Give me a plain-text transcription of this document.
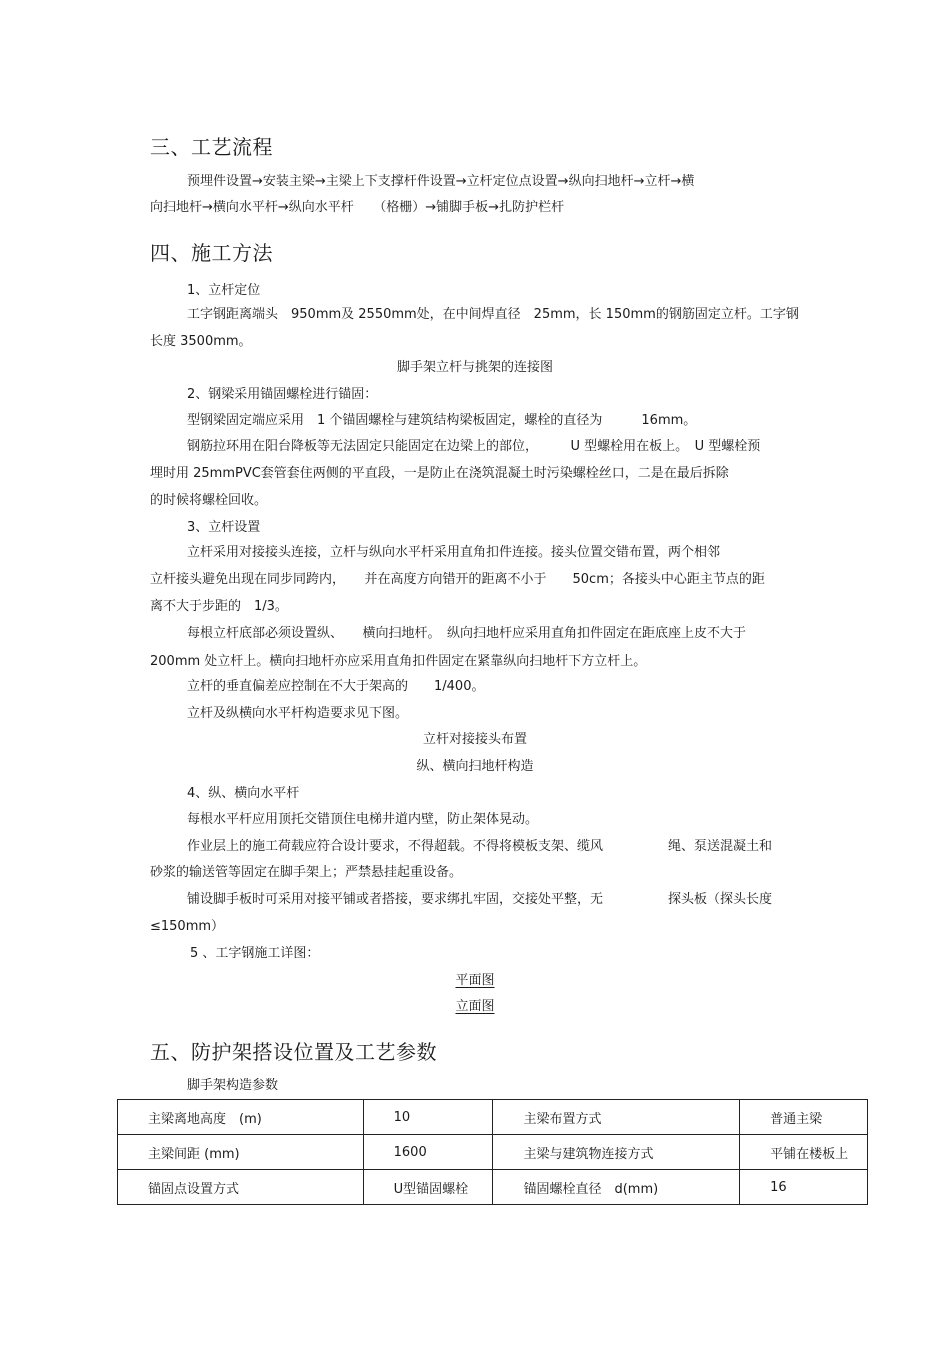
三、工艺流程
预埋件设置→安装主梁→主梁上下支撑杆件设置→立杆定位点设置→纵向扫地杆→立杆→横
向扫地杆→横向水平杆→纵向水平杆　　（格栅）→铺脚手板→扎防护栏杆
四、施工方法
1、立杆定位
工字钢距离端头　950mm及 2550mm处，在中间焊直径　25mm，长 150mm的钢筋固定立杆。工字钢
长度 3500mm。
脚手架立杆与挑架的连接图
2、钢梁采用锚固螺栓进行锚固：
型钢梁固定端应采用　1 个锚固螺栓与建筑结构梁板固定，螺栓的直径为　　　16mm。
钢筋拉环用在阳台降板等无法固定只能固定在边梁上的部位，　　　U 型螺栓用在板上。　U 型螺栓预
埋时用 25mmPVC套管套住两侧的平直段，一是防止在浇筑混凝土时污染螺栓丝口，二是在最后拆除
的时候将螺栓回收。
3、立杆设置
立杆采用对接接头连接，立杆与纵向水平杆采用直角扣件连接。接头位置交错布置，两个相邻
立杆接头避免出现在同步同跨内，　　并在高度方向错开的距离不小于　　50cm；各接头中心距主节点的距
离不大于步距的　1/3。
每根立杆底部必须设置纵、　　横向扫地杆。　纵向扫地杆应采用直角扣件固定在距底座上皮不大于
200mm 处立杆上。横向扫地杆亦应采用直角扣件固定在紧靠纵向扫地杆下方立杆上。
立杆的垂直偏差应控制在不大于架高的　　1/400。
立杆及纵横向水平杆构造要求见下图。
立杆对接接头布置
纵、横向扫地杆构造
4、纵、横向水平杆
每根水平杆应用顶托交错顶住电梯井道内壁，防止架体晃动。
作业层上的施工荷载应符合设计要求，不得超载。不得将模板支架、缆风　　　　　绳、泵送混凝土和
砂浆的输送管等固定在脚手架上；严禁悬挂起重设备。
铺设脚手板时可采用对接平铺或者搭接，要求绑扎牢固，交接处平整，无　　　　　探头板（探头长度
≤150mm）
5 、工字钢施工详图：
平面图
立面图
五、防护架搭设位置及工艺参数
脚手架构造参数
主梁离地高度　(m)	10	主梁布置方式	普通主梁
主梁间距 (mm)	1600	主梁与建筑物连接方式	平铺在楼板上
锚固点设置方式	U型锚固螺栓	锚固螺栓直径　d(mm)	16
